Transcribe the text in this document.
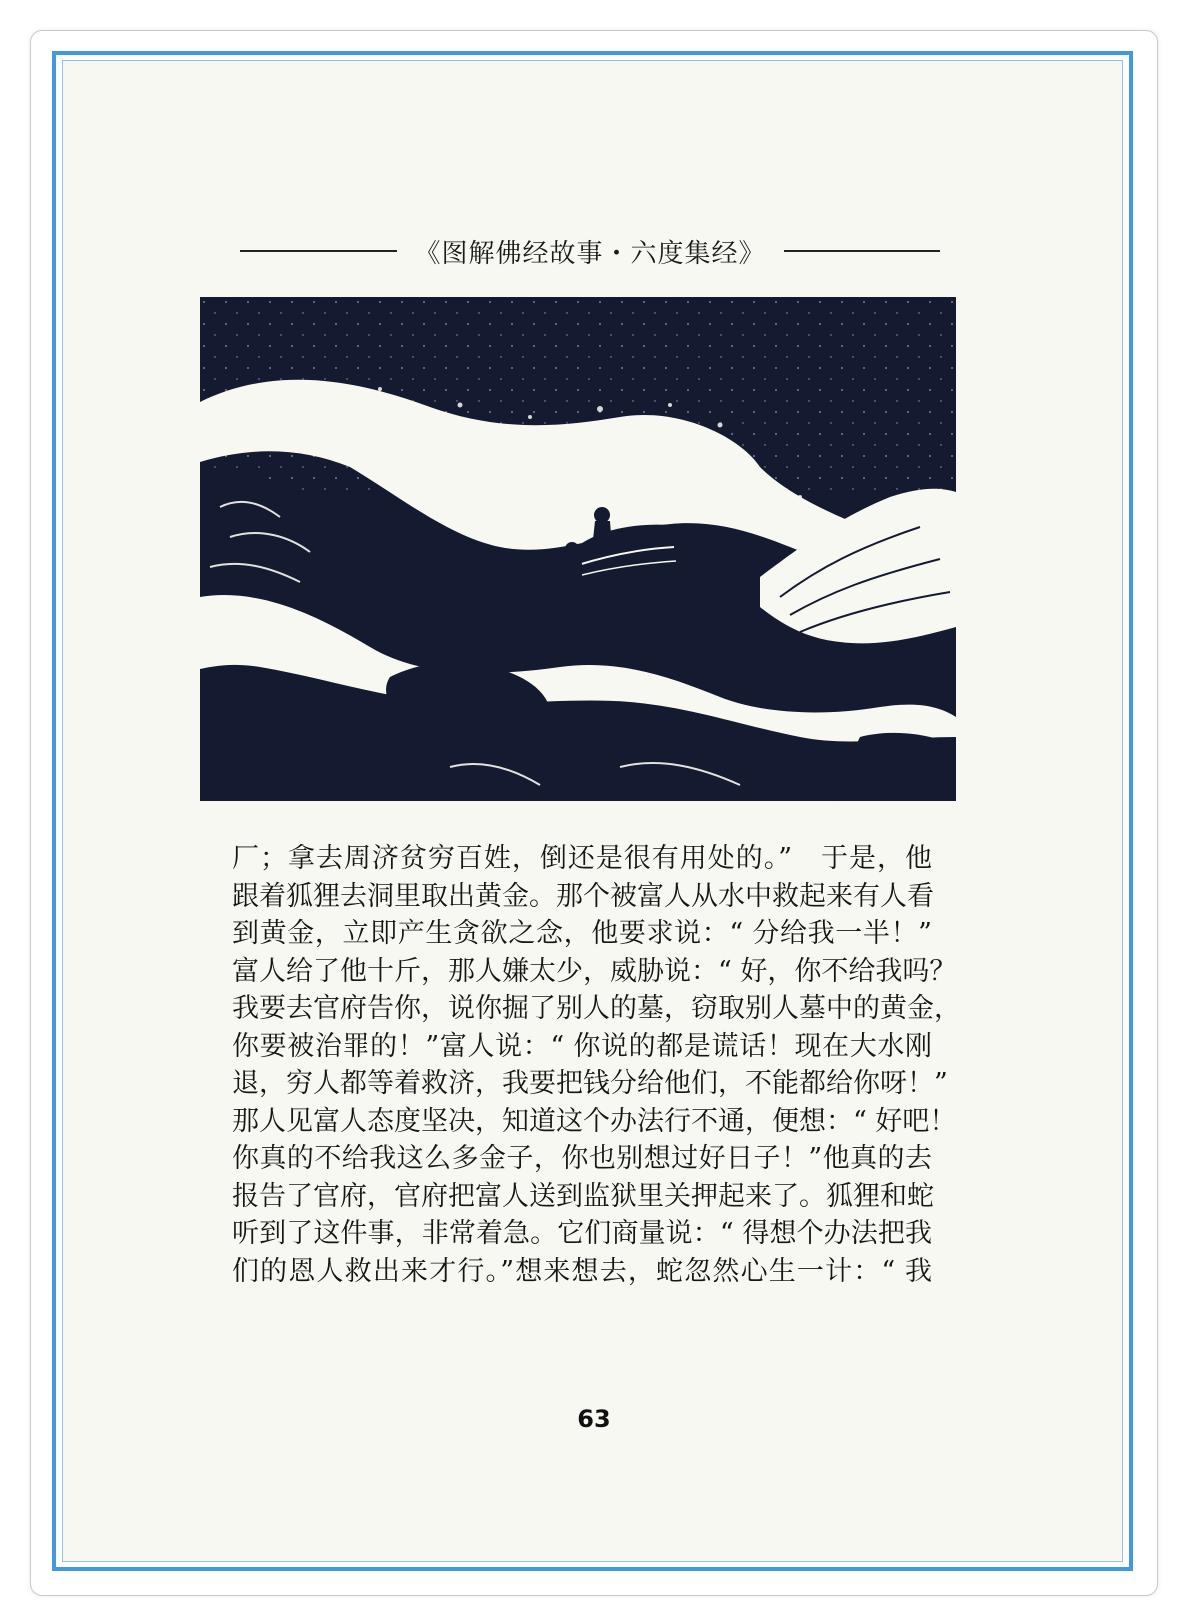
《图解佛经故事・六度集经》
厂；拿去周济贫穷百姓，倒还是很有用处的。”　于是，他
跟着狐狸去洞里取出黄金。那个被富人从水中救起来有人看
到黄金，立即产生贪欲之念，他要求说：“ 分给我一半！”
富人给了他十斤，那人嫌太少，威胁说：“ 好，你不给我吗？
我要去官府告你，说你掘了别人的墓，窃取别人墓中的黄金，
你要被治罪的！”富人说：“ 你说的都是谎话！现在大水刚
退，穷人都等着救济，我要把钱分给他们，不能都给你呀！”
那人见富人态度坚决，知道这个办法行不通，便想：“ 好吧！
你真的不给我这么多金子，你也别想过好日子！”他真的去
报告了官府，官府把富人送到监狱里关押起来了。狐狸和蛇
听到了这件事，非常着急。它们商量说：“ 得想个办法把我
们的恩人救出来才行。”想来想去，蛇忽然心生一计：“ 我
63
